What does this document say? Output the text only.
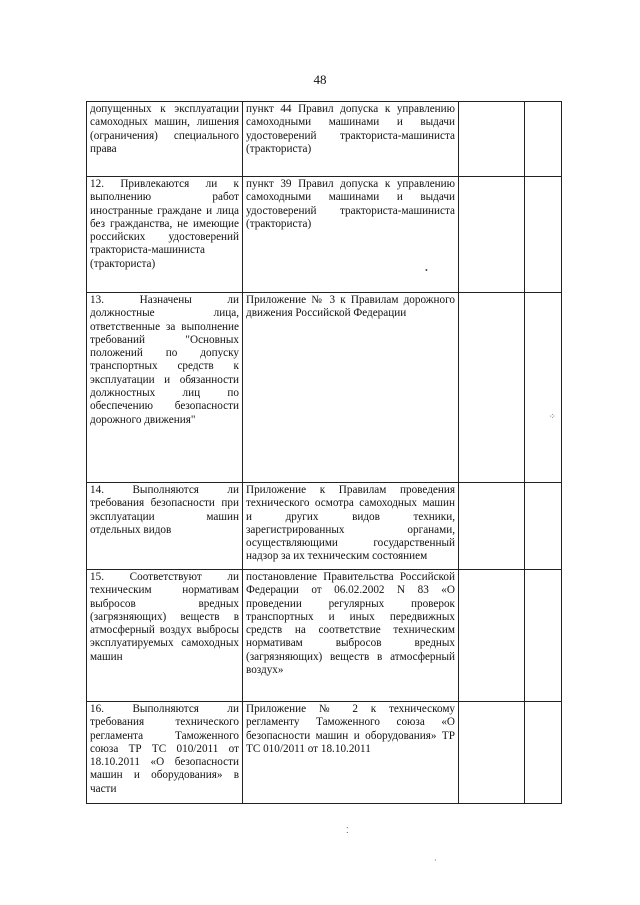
48
допущенных к эксплуатации самоходных машин, лишения (ограничения) специального права	пункт 44 Правил допуска к управлению самоходными машинами и выдачи удостоверений тракториста-машиниста (тракториста)		
12. Привлекаются ли к выполнению работ иностранные граждане и лица без гражданства, не имеющие российских удостоверений тракториста-машиниста (тракториста)	пункт 39 Правил допуска к управлению самоходными машинами и выдачи удостоверений тракториста-машиниста (тракториста)		
13. Назначены ли должностные лица, ответственные за выполнение требований "Основных положений по допуску транспортных средств к эксплуатации и обязанности должностных лиц по обеспечению безопасности дорожного движения"	Приложение № 3 к Правилам дорожного движения Российской Федерации		
14. Выполняются ли требования безопасности при эксплуатации машин отдельных видов	Приложение к Правилам проведения технического осмотра самоходных машин и других видов техники, зарегистрированных органами, осуществляющими государственный надзор за их техническим состоянием		
15. Соответствуют ли техническим нормативам выбросов вредных (загрязняющих) веществ в атмосферный воздух выбросы эксплуатируемых самоходных машин	постановление Правительства Российской Федерации от 06.02.2002 N 83 «О проведении регулярных проверок транспортных и иных передвижных средств на соответствие техническим нормативам выбросов вредных (загрязняющих) веществ в атмосферный воздух»		
16. Выполняются ли требования технического регламента Таможенного союза ТР ТС 010/2011 от 18.10.2011 «О безопасности машин и оборудования» в части	Приложение № 2 к техническому регламенту Таможенного союза «О безопасности машин и оборудования» ТР ТС 010/2011 от 18.10.2011		
•
⁘
⁚
·
